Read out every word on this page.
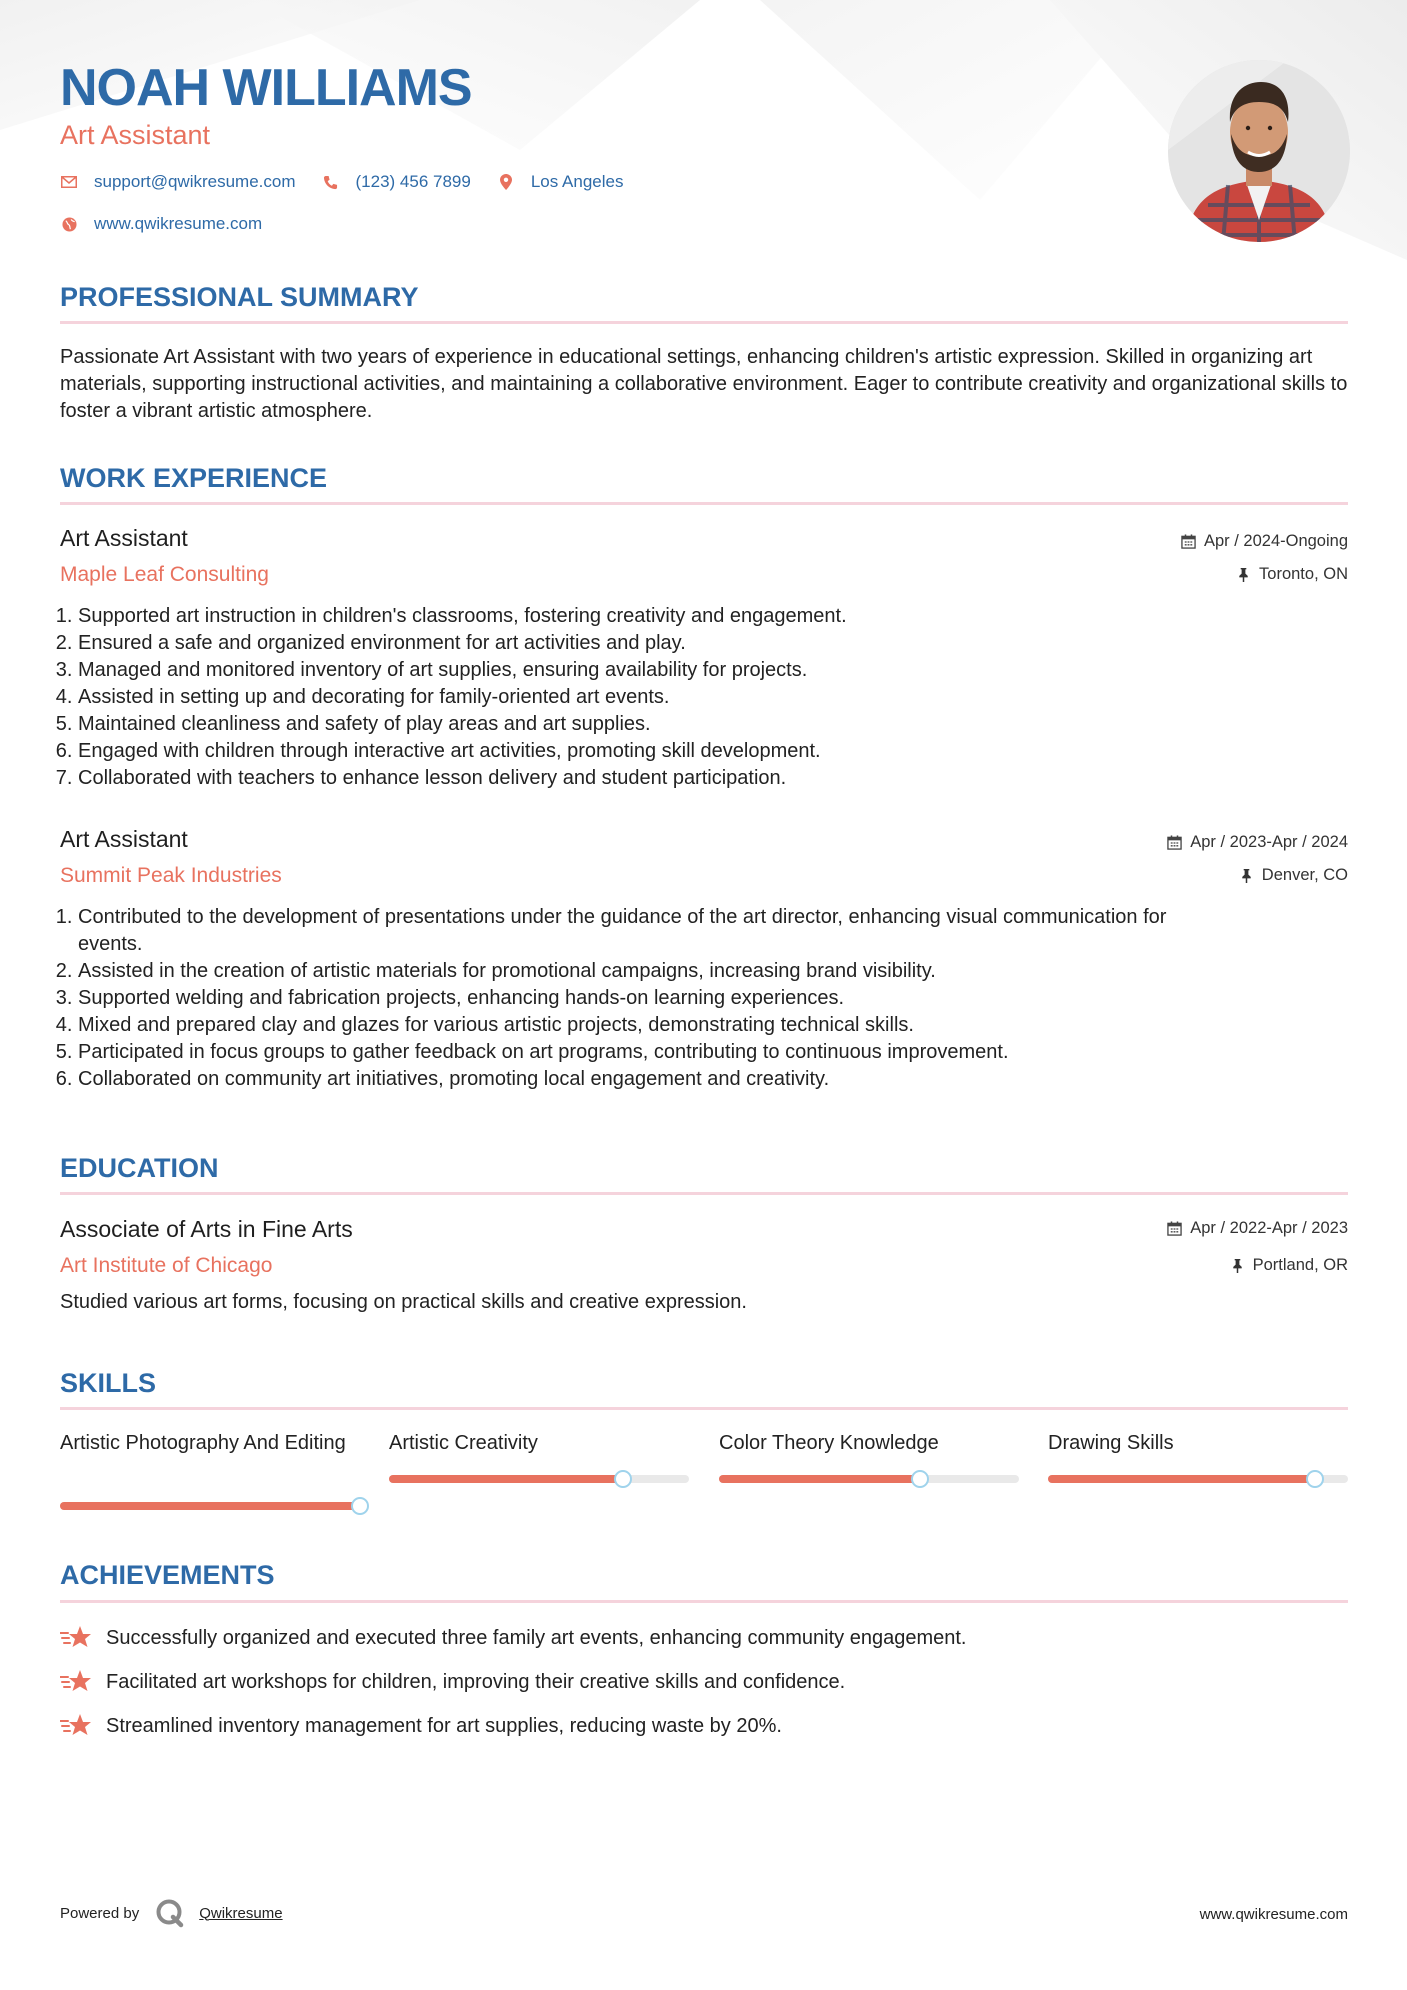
NOAH WILLIAMS
Art Assistant
support@qwikresume.com	(123) 456 7899	Los Angeles
www.qwikresume.com
PROFESSIONAL SUMMARY
Passionate Art Assistant with two years of experience in educational settings, enhancing children's artistic expression. Skilled in organizing art materials, supporting instructional activities, and maintaining a collaborative environment. Eager to contribute creativity and organizational skills to foster a vibrant artistic atmosphere.
WORK EXPERIENCE
Art Assistant
Maple Leaf Consulting
Apr / 2024-Ongoing
Toronto, ON
1. Supported art instruction in children's classrooms, fostering creativity and engagement.
2. Ensured a safe and organized environment for art activities and play.
3. Managed and monitored inventory of art supplies, ensuring availability for projects.
4. Assisted in setting up and decorating for family-oriented art events.
5. Maintained cleanliness and safety of play areas and art supplies.
6. Engaged with children through interactive art activities, promoting skill development.
7. Collaborated with teachers to enhance lesson delivery and student participation.
Art Assistant
Summit Peak Industries
Apr / 2023-Apr / 2024
Denver, CO
1. Contributed to the development of presentations under the guidance of the art director, enhancing visual communication for events.
2. Assisted in the creation of artistic materials for promotional campaigns, increasing brand visibility.
3. Supported welding and fabrication projects, enhancing hands-on learning experiences.
4. Mixed and prepared clay and glazes for various artistic projects, demonstrating technical skills.
5. Participated in focus groups to gather feedback on art programs, contributing to continuous improvement.
6. Collaborated on community art initiatives, promoting local engagement and creativity.
EDUCATION
Associate of Arts in Fine Arts
Art Institute of Chicago
Apr / 2022-Apr / 2023
Portland, OR
Studied various art forms, focusing on practical skills and creative expression.
SKILLS
Artistic Photography And Editing	Artistic Creativity	Color Theory Knowledge	Drawing Skills
ACHIEVEMENTS
Successfully organized and executed three family art events, enhancing community engagement.
Facilitated art workshops for children, improving their creative skills and confidence.
Streamlined inventory management for art supplies, reducing waste by 20%.
Powered by	Qwikresume	www.qwikresume.com
